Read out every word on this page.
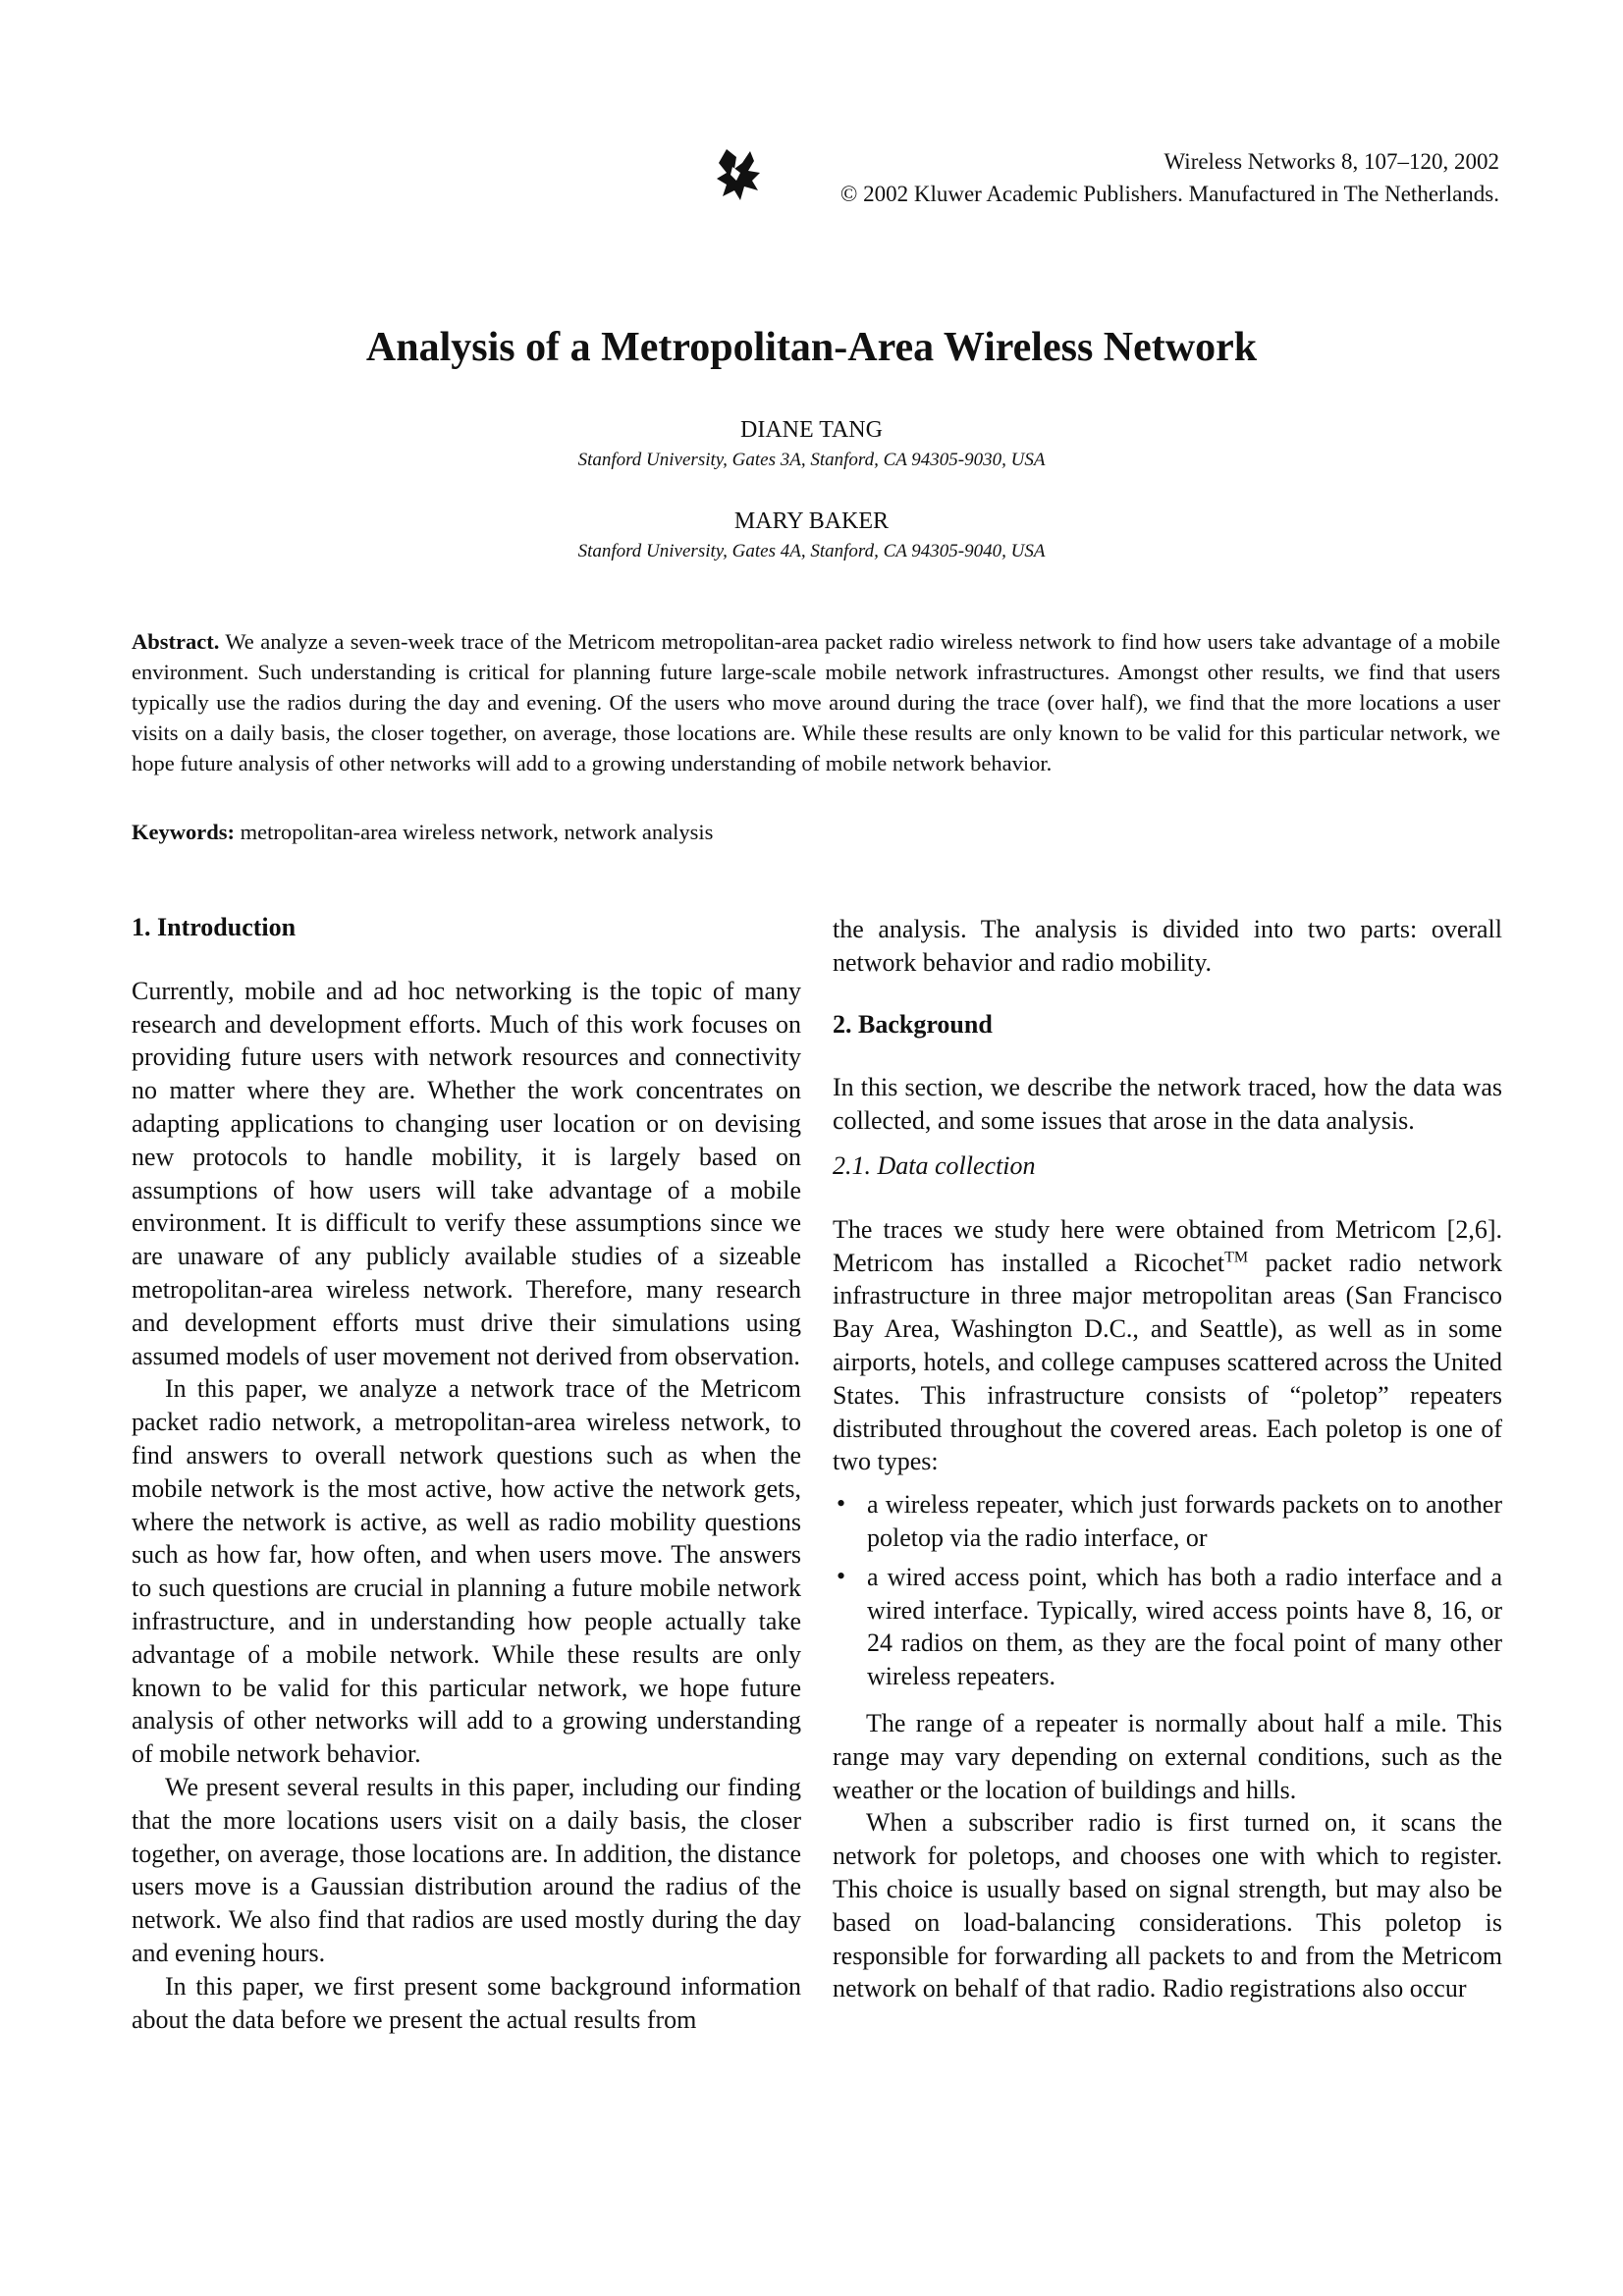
Wireless Networks 8, 107–120, 2002
© 2002 Kluwer Academic Publishers. Manufactured in The Netherlands.
Analysis of a Metropolitan-Area Wireless Network
DIANE TANG
Stanford University, Gates 3A, Stanford, CA 94305-9030, USA
MARY BAKER
Stanford University, Gates 4A, Stanford, CA 94305-9040, USA
Abstract. We analyze a seven-week trace of the Metricom metropolitan-area packet radio wireless network to find how users take advantage of a mobile environment. Such understanding is critical for planning future large-scale mobile network infrastructures. Amongst other results, we find that users typically use the radios during the day and evening. Of the users who move around during the trace (over half), we find that the more locations a user visits on a daily basis, the closer together, on average, those locations are. While these results are only known to be valid for this particular network, we hope future analysis of other networks will add to a growing understanding of mobile network behavior.
Keywords: metropolitan-area wireless network, network analysis
1. Introduction

Currently, mobile and ad hoc networking is the topic of many research and development efforts. Much of this work focuses on providing future users with network resources and connectivity no matter where they are. Whether the work concentrates on adapting applications to changing user location or on devising new protocols to handle mobility, it is largely based on assumptions of how users will take advantage of a mobile environment. It is difficult to verify these assumptions since we are unaware of any publicly available studies of a sizeable metropolitan-area wireless network. Therefore, many research and development efforts must drive their simulations using assumed models of user movement not derived from observation.

In this paper, we analyze a network trace of the Metricom packet radio network, a metropolitan-area wireless network, to find answers to overall network questions such as when the mobile network is the most active, how active the network gets, where the network is active, as well as radio mobility questions such as how far, how often, and when users move. The answers to such questions are crucial in planning a future mobile network infrastructure, and in understanding how people actually take advantage of a mobile network. While these results are only known to be valid for this particular network, we hope future analysis of other networks will add to a growing understanding of mobile network behavior.

We present several results in this paper, including our finding that the more locations users visit on a daily basis, the closer together, on average, those locations are. In addition, the distance users move is a Gaussian distribution around the radius of the network. We also find that radios are used mostly during the day and evening hours.

In this paper, we first present some background information about the data before we present the actual results from

the analysis. The analysis is divided into two parts: overall network behavior and radio mobility.

2. Background

In this section, we describe the network traced, how the data was collected, and some issues that arose in the data analysis.

2.1. Data collection

The traces we study here were obtained from Metricom [2,6]. Metricom has installed a Ricochet™ packet radio network infrastructure in three major metropolitan areas (San Francisco Bay Area, Washington D.C., and Seattle), as well as in some airports, hotels, and college campuses scattered across the United States. This infrastructure consists of “poletop” repeaters distributed throughout the covered areas. Each poletop is one of two types:

• a wireless repeater, which just forwards packets on to another poletop via the radio interface, or
• a wired access point, which has both a radio interface and a wired interface. Typically, wired access points have 8, 16, or 24 radios on them, as they are the focal point of many other wireless repeaters.

The range of a repeater is normally about half a mile. This range may vary depending on external conditions, such as the weather or the location of buildings and hills.

When a subscriber radio is first turned on, it scans the network for poletops, and chooses one with which to register. This choice is usually based on signal strength, but may also be based on load-balancing considerations. This poletop is responsible for forwarding all packets to and from the Metricom network on behalf of that radio. Radio registrations also occur
